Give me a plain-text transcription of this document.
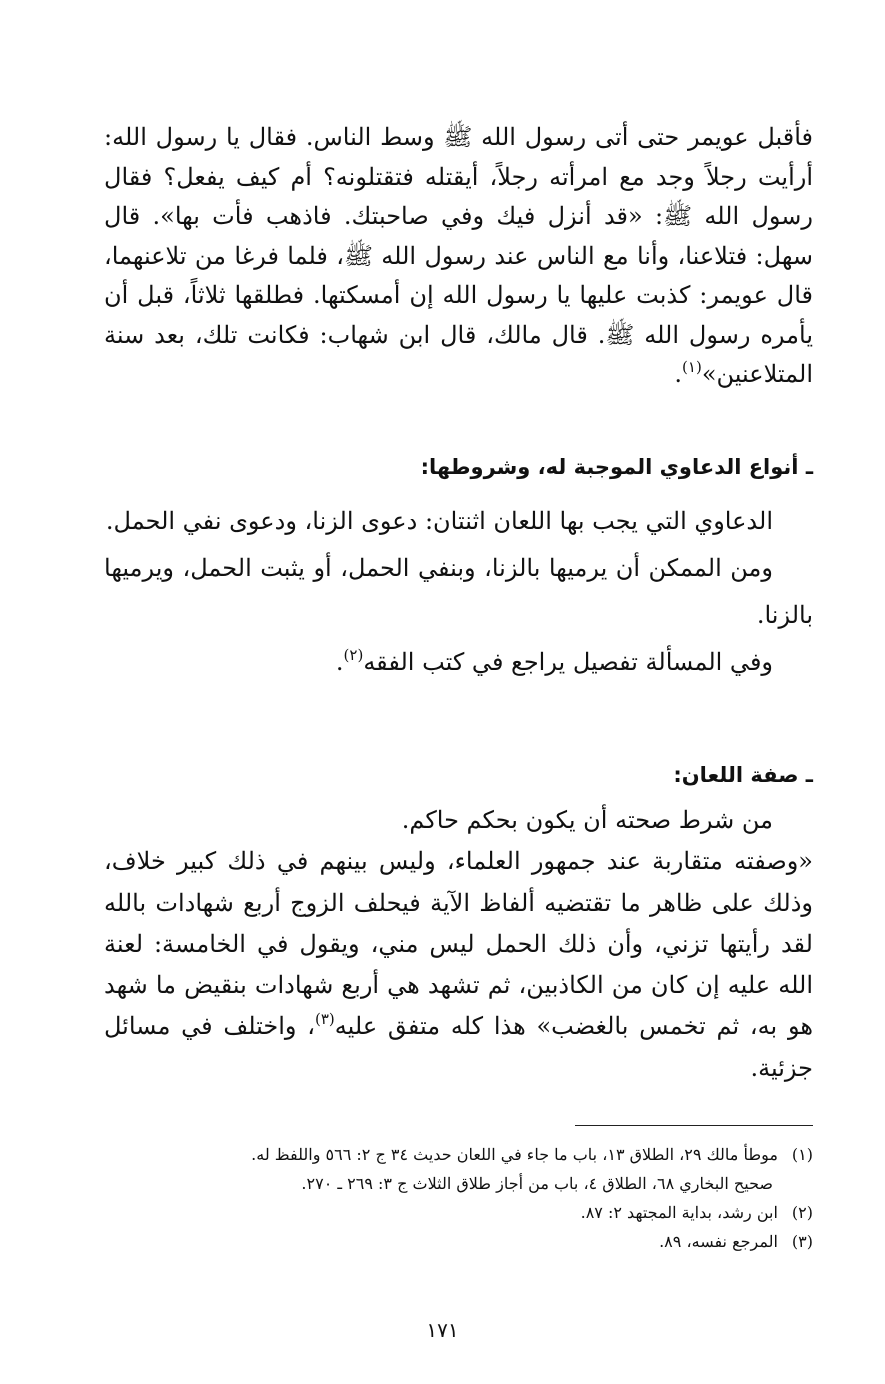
فأقبل عويمر حتى أتى رسول الله ﷺ وسط الناس. فقال يا رسول الله: أرأيت رجلاً وجد مع امرأته رجلاً، أيقتله فتقتلونه؟ أم كيف يفعل؟ فقال رسول الله ﷺ: «قد أنزل فيك وفي صاحبتك. فاذهب فأت بها». قال سهل: فتلاعنا، وأنا مع الناس عند رسول الله ﷺ، فلما فرغا من تلاعنهما، قال عويمر: كذبت عليها يا رسول الله إن أمسكتها. فطلقها ثلاثاً، قبل أن يأمره رسول الله ﷺ. قال مالك، قال ابن شهاب: فكانت تلك، بعد سنة المتلاعنين»$^{(١)}$.

ـ أنواع الدعاوي الموجبة له، وشروطها:

الدعاوي التي يجب بها اللعان اثنتان: دعوى الزنا، ودعوى نفي الحمل.

ومن الممكن أن يرميها بالزنا، وبنفي الحمل، أو يثبت الحمل، ويرميها بالزنا.

وفي المسألة تفصيل يراجع في كتب الفقه$^{(٢)}$.

ـ صفة اللعان:

من شرط صحته أن يكون بحكم حاكم.

«وصفته متقاربة عند جمهور العلماء، وليس بينهم في ذلك كبير خلاف، وذلك على ظاهر ما تقتضيه ألفاظ الآية فيحلف الزوج أربع شهادات بالله لقد رأيتها تزني، وأن ذلك الحمل ليس مني، ويقول في الخامسة: لعنة الله عليه إن كان من الكاذبين، ثم تشهد هي أربع شهادات بنقيض ما شهد هو به، ثم تخمس بالغضب» هذا كله متفق عليه$^{(٣)}$، واختلف في مسائل جزئية.

(١) موطأ مالك ٢٩، الطلاق ١٣، باب ما جاء في اللعان حديث ٣٤ ج ٢: ٥٦٦ واللفظ له.
صحيح البخاري ٦٨، الطلاق ٤، باب من أجاز طلاق الثلاث ج ٣: ٢٦٩ ـ ٢٧٠.
(٢) ابن رشد، بداية المجتهد ٢: ٨٧.
(٣) المرجع نفسه، ٨٩.
١٧١
